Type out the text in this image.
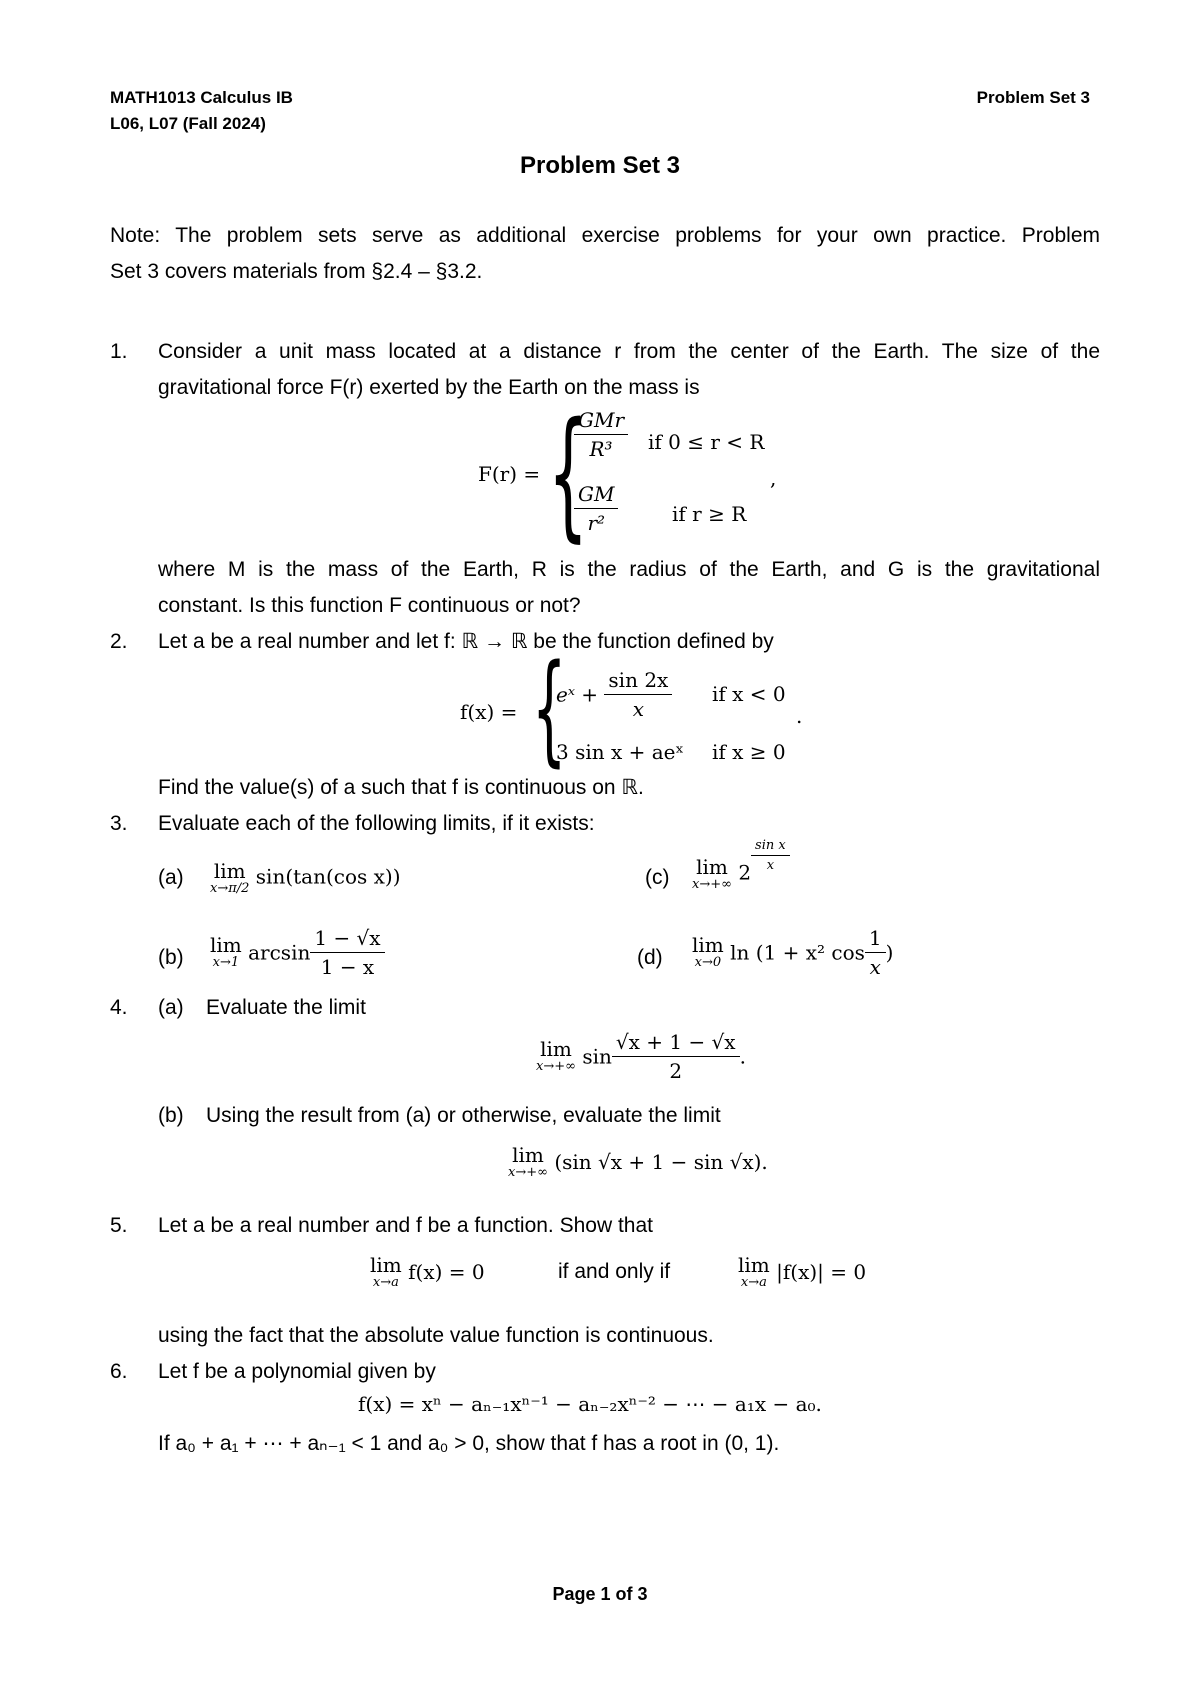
MATH1013 Calculus IB
L06, L07 (Fall 2024)
Problem Set 3
Problem Set 3
Note: The problem sets serve as additional exercise problems for your own practice. Problem
Set 3 covers materials from §2.4 – §3.2.
1. Consider a unit mass located at a distance r from the center of the Earth. The size of the
gravitational force F(r) exerted by the Earth on the mass is
F(r) = {
$\frac{\text{GMr}}{\text{R³}}$ if 0 ≤ r < R
$\frac{GM}{\text{r²}}$	if r ≥ R
,
where M is the mass of the Earth, R is the radius of the Earth, and G is the gravitational
constant. Is this function F continuous or not?
2. Let a be a real number and let f: ℝ → ℝ be the function defined by
f(x) = {
eˣ + $\frac{\sin 2x}{x}$ if x < 0
3 sin x + aeˣ if x ≥ 0
.
Find the value(s) of a such that f is continuous on ℝ.
3. Evaluate each of the following limits, if it exists:
(a) lim
x→π/2 sin(tan(cos x))	(c) lim
x→+∞ $2 \frac{\text{sin x}}{x}$
(b)
lim
x→1 $\arcsin \frac{1 - √x}{1 - x}$	(d)
lim
x→0 ln (1 + x² $\cos \frac{1}{x}$ )
4. (a) Evaluate the limit
lim
x→+∞ $\sin \frac{√x + 1 - √x}{2}$ .
(b) Using the result from (a) or otherwise, evaluate the limit
lim
x→+∞ (sin √x + 1 − sin √x).
5. Let a be a real number and f be a function. Show that
lim
x→a f(x) = 0	if and only if	lim
x→a |f(x)| = 0
using the fact that the absolute value function is continuous.
6. Let f be a polynomial given by
f(x) = xⁿ − aₙ₋₁xⁿ⁻¹ − aₙ₋₂xⁿ⁻² − ⋯ − a₁x − a₀.
If a₀ + a₁ + ⋯ + aₙ₋₁ < 1 and a₀ > 0, show that f has a root in (0, 1).
Page 1 of 3
